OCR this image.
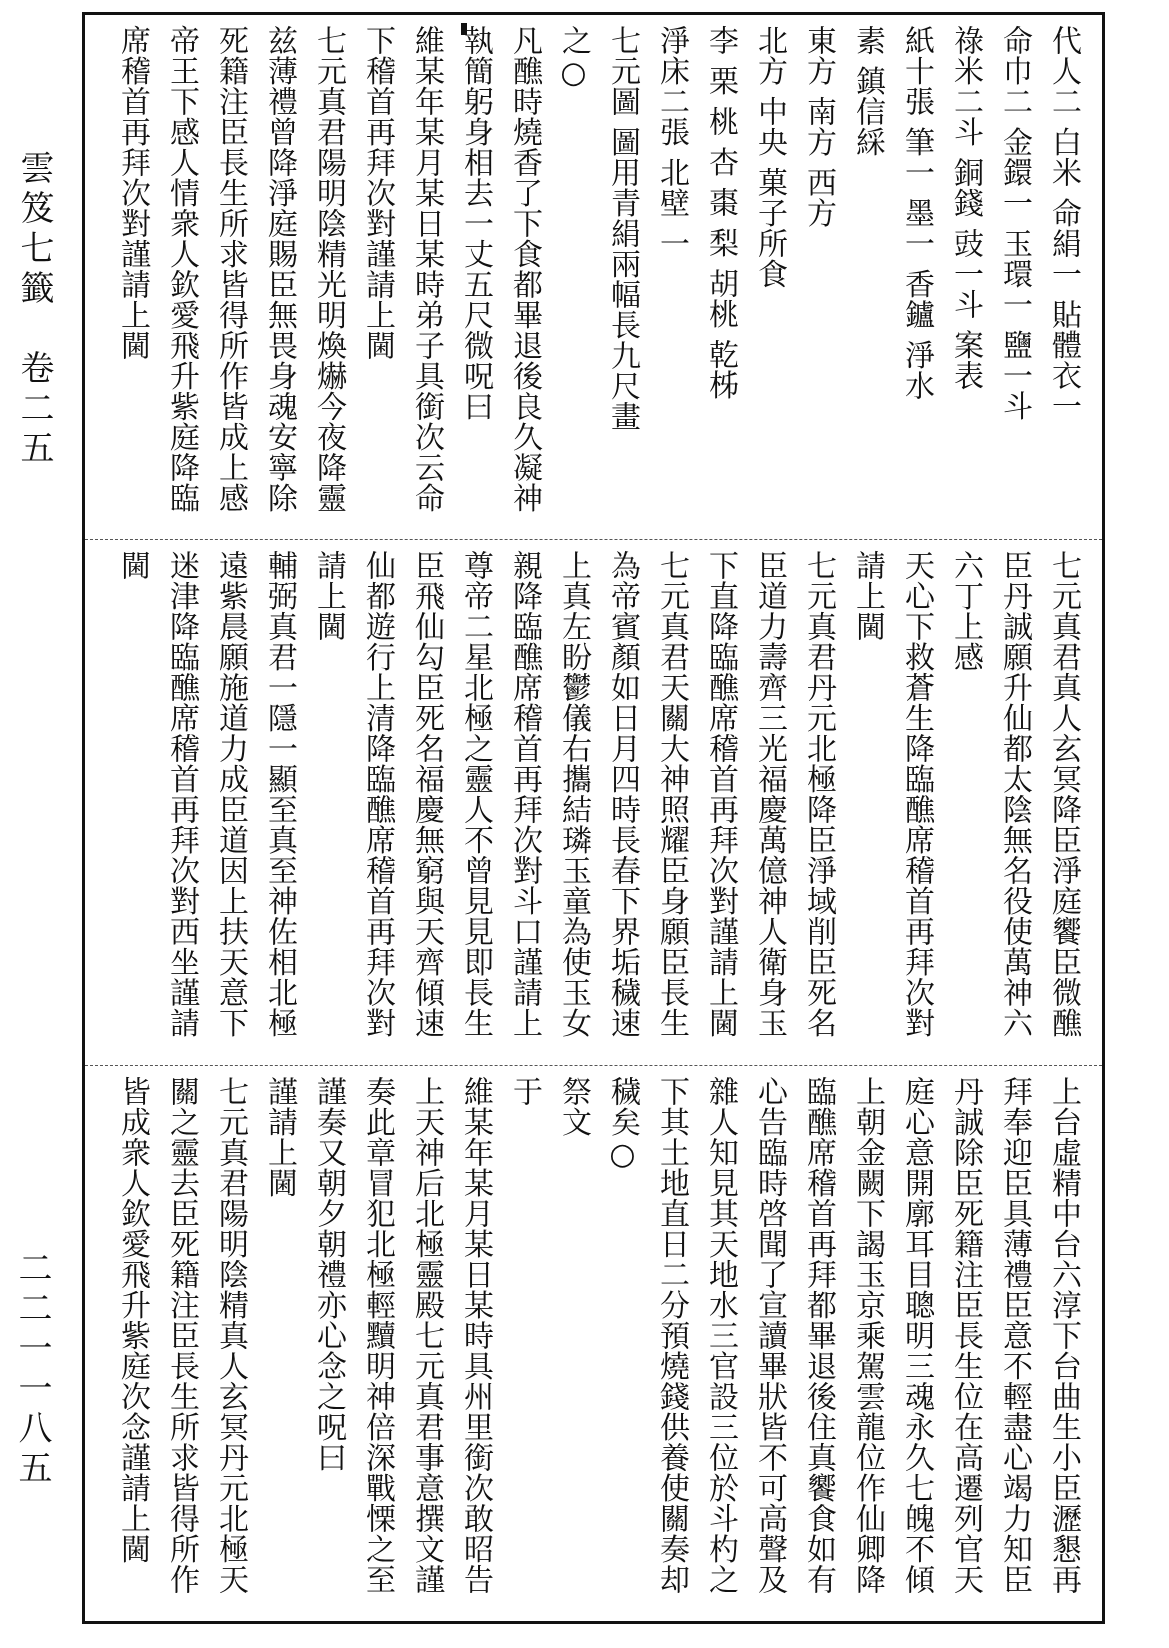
雲笈七籤　卷二五
二二一一八五
代人二 白米 命絹一 貼體衣一
命巾二 金鐶一 玉環一 鹽一斗
祿米二斗 銅錢 豉一斗 案表
紙十張 筆一 墨一 香鑪 淨水
素 鎮信綵
東方 南方 西方
北方 中央 菓子所食
李 栗 桃 杏 棗 梨 胡桃 乾柹
淨床二張 北壁 一
七元圖 圖用青絹兩幅長九尺畫
之○
凡醮時燒香了下食都畢退後良久凝神
執簡躬身相去一丈五尺微呪曰
維某年某月某日某時弟子具銜次云命
下稽首再拜次對謹請上閫
七元真君陽明陰精光明煥爀今夜降靈
兹薄禮曾降淨庭賜臣無畏身魂安寧除
死籍注臣長生所求皆得所作皆成上感
帝王下感人情衆人欽愛飛升紫庭降臨
席稽首再拜次對謹請上閫
七元真君真人玄冥降臣淨庭饗臣微醮
臣丹誠願升仙都太陰無名役使萬神六
六丁上感
天心下救蒼生降臨醮席稽首再拜次對
請上閫
七元真君丹元北極降臣淨域削臣死名
臣道力壽齊三光福慶萬億神人衛身玉
下直降臨醮席稽首再拜次對謹請上閫
七元真君天關大神照耀臣身願臣長生
為帝賓顏如日月四時長春下界垢穢速
上真左盼鬱儀右攜結璘玉童為使玉女
親降臨醮席稽首再拜次對斗口謹請上
尊帝二星北極之靈人不曾見見即長生
臣飛仙勾臣死名福慶無窮與天齊傾速
仙都遊行上清降臨醮席稽首再拜次對
請上閫
輔弼真君一隱一顯至真至神佐相北極
遠紫晨願施道力成臣道因上扶天意下
迷津降臨醮席稽首再拜次對西坐謹請
閫
上台虛精中台六淳下台曲生小臣瀝懇再
拜奉迎臣具薄禮臣意不輕盡心竭力知臣
丹誠除臣死籍注臣長生位在高遷列官天
庭心意開廓耳目聰明三魂永久七魄不傾
上朝金闕下謁玉京乘駕雲龍位作仙卿降
臨醮席稽首再拜都畢退後住真饗食如有
心告臨時啓聞了宣讀畢狀皆不可高聲及
雜人知見其天地水三官設三位於斗杓之
下其土地直日二分預燒錢供養使關奏却
穢矣○
祭文
于
維某年某月某日某時具州里銜次敢昭告
上天神后北極靈殿七元真君事意撰文謹
奏此章冒犯北極輕黷明神倍深戰慄之至
謹奏又朝夕朝禮亦心念之呪曰
謹請上閫
七元真君陽明陰精真人玄冥丹元北極天
關之靈去臣死籍注臣長生所求皆得所作
皆成衆人欽愛飛升紫庭次念謹請上閫
